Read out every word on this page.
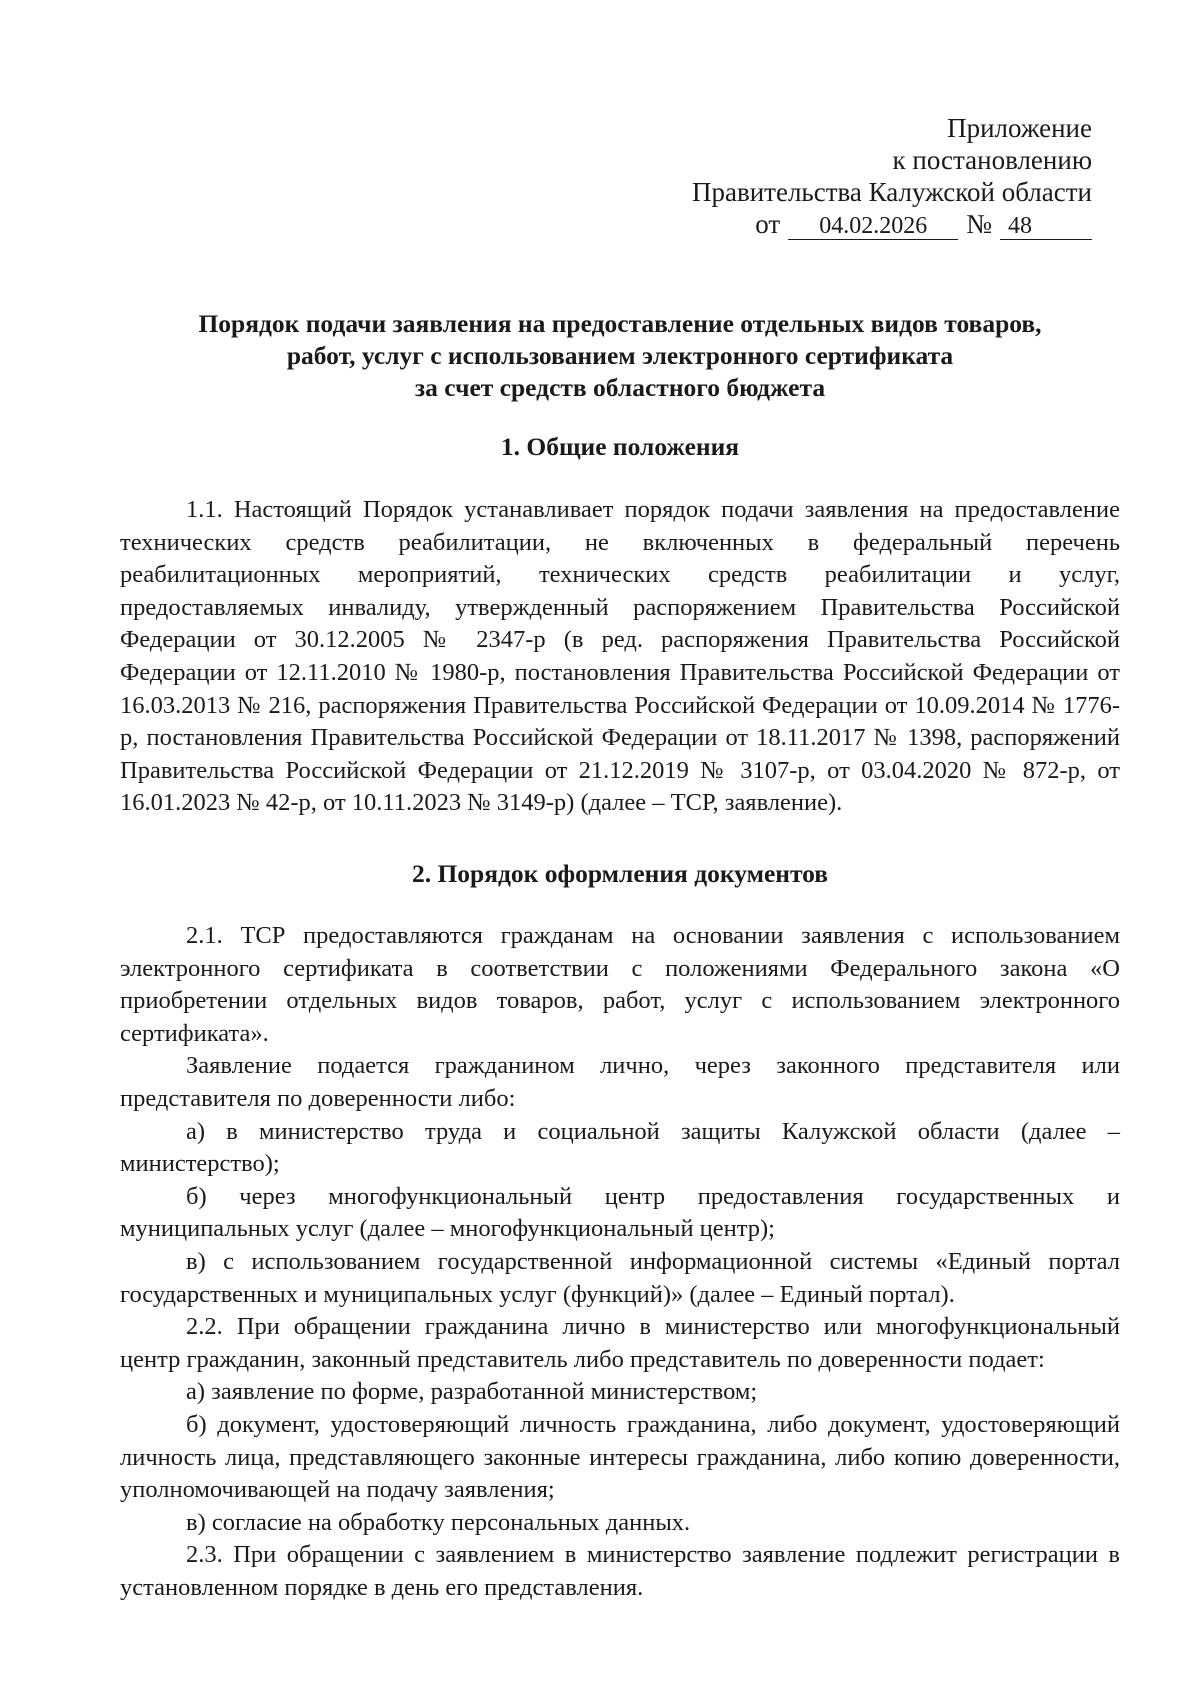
Приложение
к постановлению
Правительства Калужской области
от 04.02.2026 № 48
Порядок подачи заявления на предоставление отдельных видов товаров,
работ, услуг с использованием электронного сертификата
за счет средств областного бюджета
1. Общие положения

1.1. Настоящий Порядок устанавливает порядок подачи заявления на предоставление технических средств реабилитации, не включенных в федеральный перечень реабилитационных мероприятий, технических средств реабилитации и услуг, предоставляемых инвалиду, утвержденный распоряжением Правительства Российской Федерации от 30.12.2005 № 2347-р (в ред. распоряжения Правительства Российской Федерации от 12.11.2010 № 1980-р, постановления Правительства Российской Федерации от 16.03.2013 № 216, распоряжения Правительства Российской Федерации от 10.09.2014 № 1776-р, постановления Правительства Российской Федерации от 18.11.2017 № 1398, распоряжений Правительства Российской Федерации от 21.12.2019 № 3107-р, от 03.04.2020 № 872-р, от 16.01.2023 № 42-р, от 10.11.2023 № 3149-р) (далее – ТСР, заявление).

2. Порядок оформления документов

2.1. ТСР предоставляются гражданам на основании заявления с использованием электронного сертификата в соответствии с положениями Федерального закона «О приобретении отдельных видов товаров, работ, услуг с использованием электронного сертификата».

Заявление подается гражданином лично, через законного представителя или представителя по доверенности либо:

а) в министерство труда и социальной защиты Калужской области (далее – министерство);

б) через многофункциональный центр предоставления государственных и муниципальных услуг (далее – многофункциональный центр);

в) с использованием государственной информационной системы «Единый портал государственных и муниципальных услуг (функций)» (далее – Единый портал).

2.2. При обращении гражданина лично в министерство или многофункциональный центр гражданин, законный представитель либо представитель по доверенности подает:

а) заявление по форме, разработанной министерством;

б) документ, удостоверяющий личность гражданина, либо документ, удостоверяющий личность лица, представляющего законные интересы гражданина, либо копию доверенности, уполномочивающей на подачу заявления;

в) согласие на обработку персональных данных.

2.3. При обращении с заявлением в министерство заявление подлежит регистрации в установленном порядке в день его представления.
